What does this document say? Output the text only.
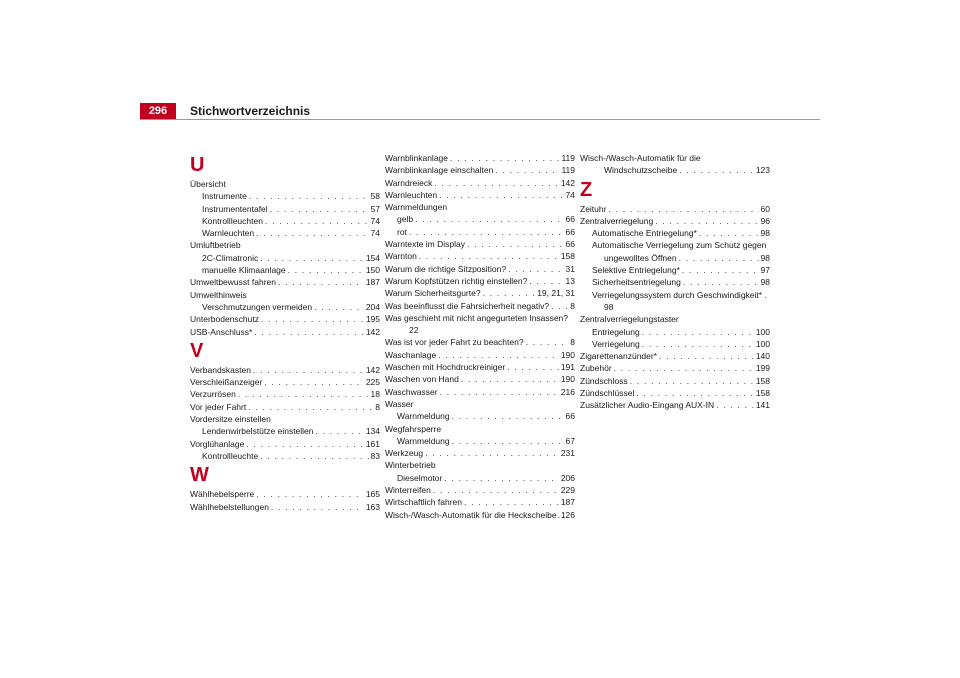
296	Stichwortverzeichnis
U
Übersicht
Instrumente . . .	58
Instrumententafel . . .	57
Kontrollleuchten . . .	74
Warnleuchten . . .	74
Umluftbetrieb
2C-Climatronic . . .	154
manuelle Klimaanlage . . .	150
Umweltbewusst fahren . . .	187
Umwelthinweis
Verschmutzungen vermeiden . . .	204
Unterbodenschutz . . .	195
USB-Anschluss* . . .	142
V
Verbandskasten . . .	142
Verschleißanzeiger . . .	225
Verzurrösen . . .	18
Vor jeder Fahrt . . .	8
Vordersitze einstellen
Lendenwirbelstütze einstellen . . .	134
Vorglühanlage . . .	161
Kontrollleuchte . . .	83
W
Wählhebelsperre . . .	165
Wählhebelstellungen . . .	163
Warnblinkanlage . . .	119
Warnblinkanlage einschalten . . .	119
Warndreieck . . .	142
Warnleuchten . . .	74
Warnmeldungen
gelb . . .	66
rot . . .	66
Warntexte im Display . . .	66
Warnton . . .	158
Warum die richtige Sitzposition? . . .	31
Warum Kopfstützen richtig einstellen? . . .	13
Warum Sicherheitsgurte? . . .	19, 21, 31
Was beeinflusst die Fahrsicherheit negativ? . . . 8
Was geschieht mit nicht angegurteten Insassen?
22
Was ist vor jeder Fahrt zu beachten? . . .	8
Waschanlage . . .	190
Waschen mit Hochdruckreiniger . . .	191
Waschen von Hand . . .	190
Waschwasser . . .	216
Wasser
Warnmeldung . . .	66
Wegfahrsperre
Warnmeldung . . .	67
Werkzeug . . .	231
Winterbetrieb
Dieselmotor . . .	206
Winterreifen . . .	229
Wirtschaftlich fahren . . .	187
Wisch-/Wasch-Automatik für die Heckscheibe . . . 126
Wisch-/Wasch-Automatik für die
Windschutzscheibe . . .	123
Z
Zeituhr . . .	60
Zentralverriegelung . . .	96
Automatische Entriegelung* . . .	98
Automatische Verriegelung zum Schutz gegen
ungewolltes Öffnen . . .	98
Selektive Entriegelung* . . .	97
Sicherheitsentriegelung . . .	98
Verriegelungssystem durch Geschwindigkeit* .
98
Zentralverriegelungstaster
Entriegelung . . .	100
Verriegelung . . .	100
Zigarettenanzünder* . . .	140
Zubehör . . .	199
Zündschloss . . .	158
Zündschlüssel . . .	158
Zusätzlicher Audio-Eingang AUX-IN . . .	141
